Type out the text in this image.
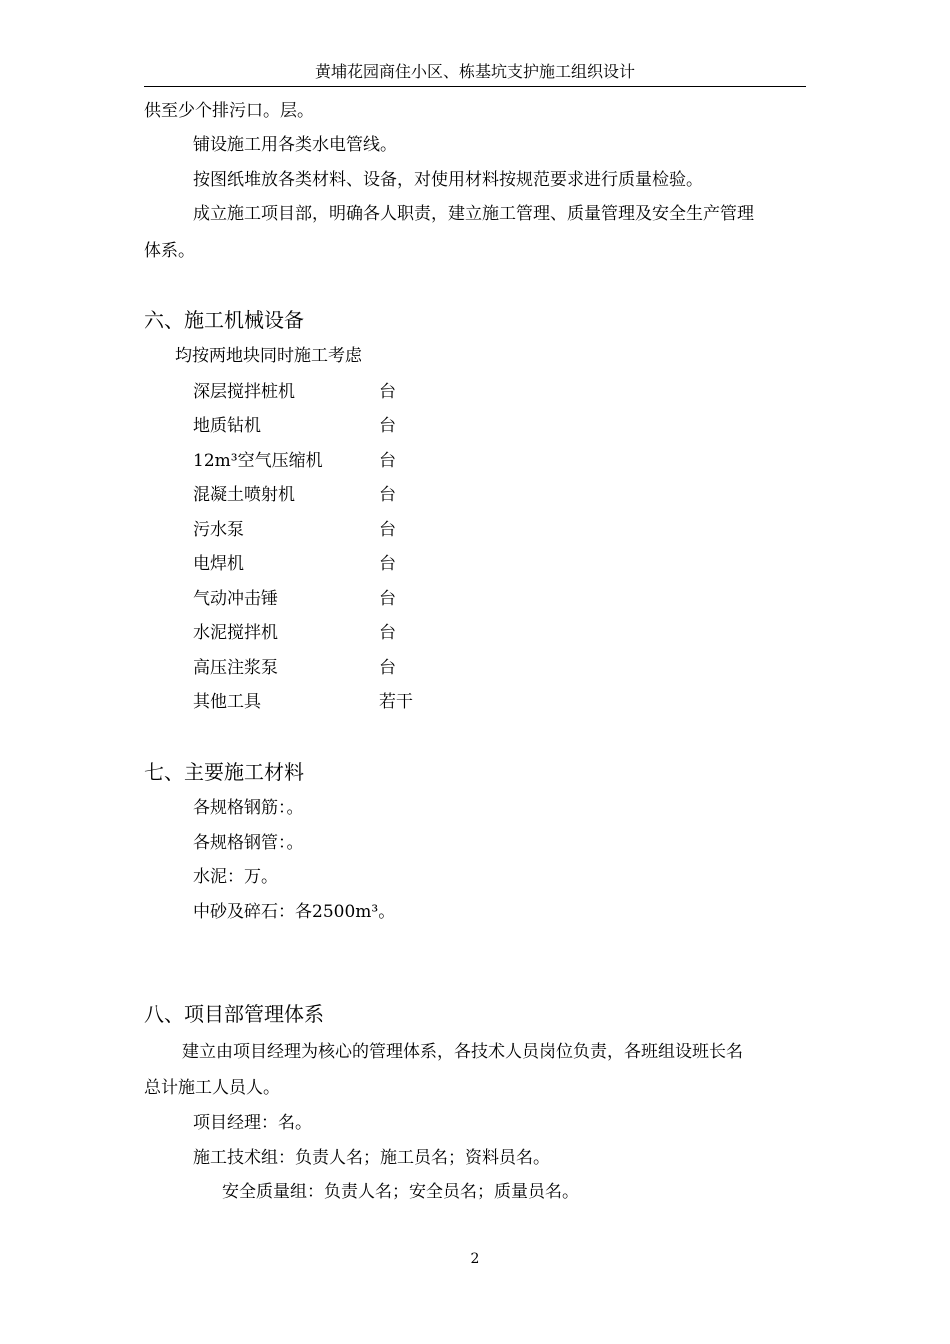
黄埔花园商住小区、栋基坑支护施工组织设计
供至少个排污口。层。
铺设施工用各类水电管线。
按图纸堆放各类材料、设备，对使用材料按规范要求进行质量检验。
成立施工项目部，明确各人职责，建立施工管理、质量管理及安全生产管理
体系。
六、施工机械设备
均按两地块同时施工考虑
深层搅拌桩机	台
地质钻机	台
12m³空气压缩机	台
混凝土喷射机	台
污水泵	台
电焊机	台
气动冲击锤	台
水泥搅拌机	台
高压注浆泵	台
其他工具	若干
七、主要施工材料
各规格钢筋：。
各规格钢管：。
水泥：万。
中砂及碎石：各2500m³。
八、项目部管理体系
建立由项目经理为核心的管理体系，各技术人员岗位负责，各班组设班长名
总计施工人员人。
项目经理：名。
施工技术组：负责人名；施工员名；资料员名。
安全质量组：负责人名；安全员名；质量员名。
2
